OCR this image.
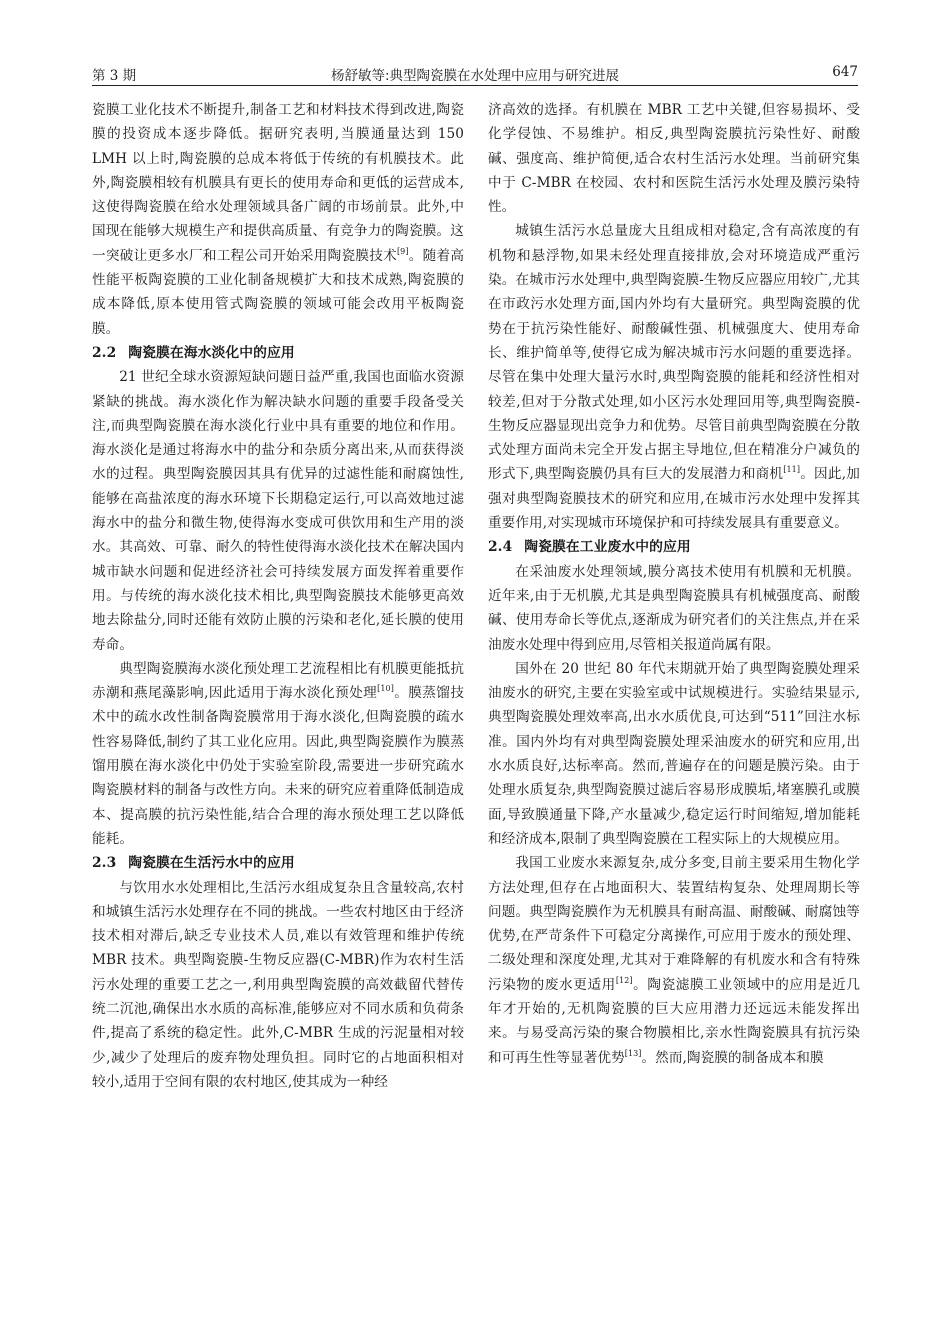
第 3 期	杨舒敏等:典型陶瓷膜在水处理中应用与研究进展	647

瓷膜工业化技术不断提升,制备工艺和材料技术得到改进,陶瓷膜的投资成本逐步降低。据研究表明,当膜通量达到 150 LMH 以上时,陶瓷膜的总成本将低于传统的有机膜技术。此外,陶瓷膜相较有机膜具有更长的使用寿命和更低的运营成本,这使得陶瓷膜在给水处理领域具备广阔的市场前景。此外,中国现在能够大规模生产和提供高质量、有竞争力的陶瓷膜。这一突破让更多水厂和工程公司开始采用陶瓷膜技术[9]。随着高性能平板陶瓷膜的工业化制备规模扩大和技术成熟,陶瓷膜的成本降低,原本使用管式陶瓷膜的领域可能会改用平板陶瓷膜。

2.2 陶瓷膜在海水淡化中的应用

21 世纪全球水资源短缺问题日益严重,我国也面临水资源紧缺的挑战。海水淡化作为解决缺水问题的重要手段备受关注,而典型陶瓷膜在海水淡化行业中具有重要的地位和作用。海水淡化是通过将海水中的盐分和杂质分离出来,从而获得淡水的过程。典型陶瓷膜因其具有优异的过滤性能和耐腐蚀性,能够在高盐浓度的海水环境下长期稳定运行,可以高效地过滤海水中的盐分和微生物,使得海水变成可供饮用和生产用的淡水。其高效、可靠、耐久的特性使得海水淡化技术在解决国内城市缺水问题和促进经济社会可持续发展方面发挥着重要作用。与传统的海水淡化技术相比,典型陶瓷膜技术能够更高效地去除盐分,同时还能有效防止膜的污染和老化,延长膜的使用寿命。

典型陶瓷膜海水淡化预处理工艺流程相比有机膜更能抵抗赤潮和燕尾藻影响,因此适用于海水淡化预处理[10]。膜蒸馏技术中的疏水改性制备陶瓷膜常用于海水淡化,但陶瓷膜的疏水性容易降低,制约了其工业化应用。因此,典型陶瓷膜作为膜蒸馏用膜在海水淡化中仍处于实验室阶段,需要进一步研究疏水陶瓷膜材料的制备与改性方向。未来的研究应着重降低制造成本、提高膜的抗污染性能,结合合理的海水预处理工艺以降低能耗。

2.3 陶瓷膜在生活污水中的应用

与饮用水水处理相比,生活污水组成复杂且含量较高,农村和城镇生活污水处理存在不同的挑战。一些农村地区由于经济技术相对滞后,缺乏专业技术人员,难以有效管理和维护传统 MBR 技术。典型陶瓷膜-生物反应器(C-MBR)作为农村生活污水处理的重要工艺之一,利用典型陶瓷膜的高效截留代替传统二沉池,确保出水水质的高标准,能够应对不同水质和负荷条件,提高了系统的稳定性。此外,C-MBR 生成的污泥量相对较少,减少了处理后的废弃物处理负担。同时它的占地面积相对较小,适用于空间有限的农村地区,使其成为一种经

济高效的选择。有机膜在 MBR 工艺中关键,但容易损坏、受化学侵蚀、不易维护。相反,典型陶瓷膜抗污染性好、耐酸碱、强度高、维护简便,适合农村生活污水处理。当前研究集中于 C-MBR 在校园、农村和医院生活污水处理及膜污染特性。

城镇生活污水总量庞大且组成相对稳定,含有高浓度的有机物和悬浮物,如果未经处理直接排放,会对环境造成严重污染。在城市污水处理中,典型陶瓷膜-生物反应器应用较广,尤其在市政污水处理方面,国内外均有大量研究。典型陶瓷膜的优势在于抗污染性能好、耐酸碱性强、机械强度大、使用寿命长、维护简单等,使得它成为解决城市污水问题的重要选择。尽管在集中处理大量污水时,典型陶瓷膜的能耗和经济性相对较差,但对于分散式处理,如小区污水处理回用等,典型陶瓷膜-生物反应器显现出竞争力和优势。尽管目前典型陶瓷膜在分散式处理方面尚未完全开发占据主导地位,但在精准分户减负的形式下,典型陶瓷膜仍具有巨大的发展潜力和商机[11]。因此,加强对典型陶瓷膜技术的研究和应用,在城市污水处理中发挥其重要作用,对实现城市环境保护和可持续发展具有重要意义。

2.4 陶瓷膜在工业废水中的应用

在采油废水处理领域,膜分离技术使用有机膜和无机膜。近年来,由于无机膜,尤其是典型陶瓷膜具有机械强度高、耐酸碱、使用寿命长等优点,逐渐成为研究者们的关注焦点,并在采油废水处理中得到应用,尽管相关报道尚属有限。

国外在 20 世纪 80 年代末期就开始了典型陶瓷膜处理采油废水的研究,主要在实验室或中试规模进行。实验结果显示,典型陶瓷膜处理效率高,出水水质优良,可达到“511”回注水标准。国内外均有对典型陶瓷膜处理采油废水的研究和应用,出水水质良好,达标率高。然而,普遍存在的问题是膜污染。由于处理水质复杂,典型陶瓷膜过滤后容易形成膜垢,堵塞膜孔或膜面,导致膜通量下降,产水量减少,稳定运行时间缩短,增加能耗和经济成本,限制了典型陶瓷膜在工程实际上的大规模应用。

我国工业废水来源复杂,成分多变,目前主要采用生物化学方法处理,但存在占地面积大、装置结构复杂、处理周期长等问题。典型陶瓷膜作为无机膜具有耐高温、耐酸碱、耐腐蚀等优势,在严苛条件下可稳定分离操作,可应用于废水的预处理、二级处理和深度处理,尤其对于难降解的有机废水和含有特殊污染物的废水更适用[12]。陶瓷滤膜工业领域中的应用是近几年才开始的,无机陶瓷膜的巨大应用潜力还远远未能发挥出来。与易受高污染的聚合物膜相比,亲水性陶瓷膜具有抗污染和可再生性等显著优势[13]。然而,陶瓷膜的制备成本和膜
